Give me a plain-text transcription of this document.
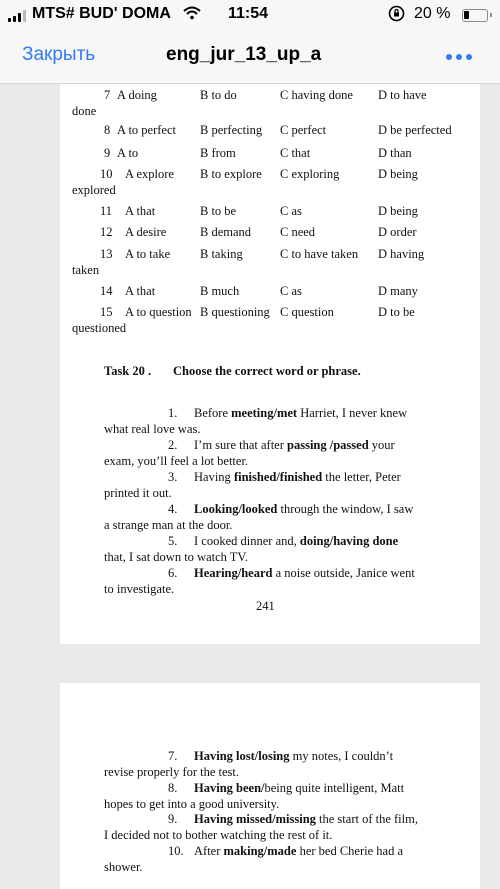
MTS# BUD' DOMA	11:54	20 %
Закрыть	eng_jur_13_up_a
7 A doing	B to do	C having done D to have
done
8 A to perfect B perfecting C perfect	D be perfected
9 A to	B from	C that	D than
10 A explore B to explore C exploring	D being
explored
11 A that	B to be	C as	D being
12 A desire	B demand C need	D order
13 A to take B taking	C to have taken D having
taken
14 A that	B much	C as	D many
15 A to question B questioning C question	D to be
questioned
Task 20 . Choose the correct word or phrase.
1. Before meeting/met Harriet, I never knew
what real love was.
2. I’m sure that after passing /passed your
exam, you’ll feel a lot better.
3. Having finished/finished the letter, Peter
printed it out.
4. Looking/looked through the window, I saw
a strange man at the door.
5. I cooked dinner and, doing/having done
that, I sat down to watch TV.
6. Hearing/heard a noise outside, Janice went
to investigate.
241
7. Having lost/losing my notes, I couldn’t
revise properly for the test.
8. Having been/being quite intelligent, Matt
hopes to get into a good university.
9. Having missed/missing the start of the film,
I decided not to bother watching the rest of it.
10. After making/made her bed Cherie had a
shower.
